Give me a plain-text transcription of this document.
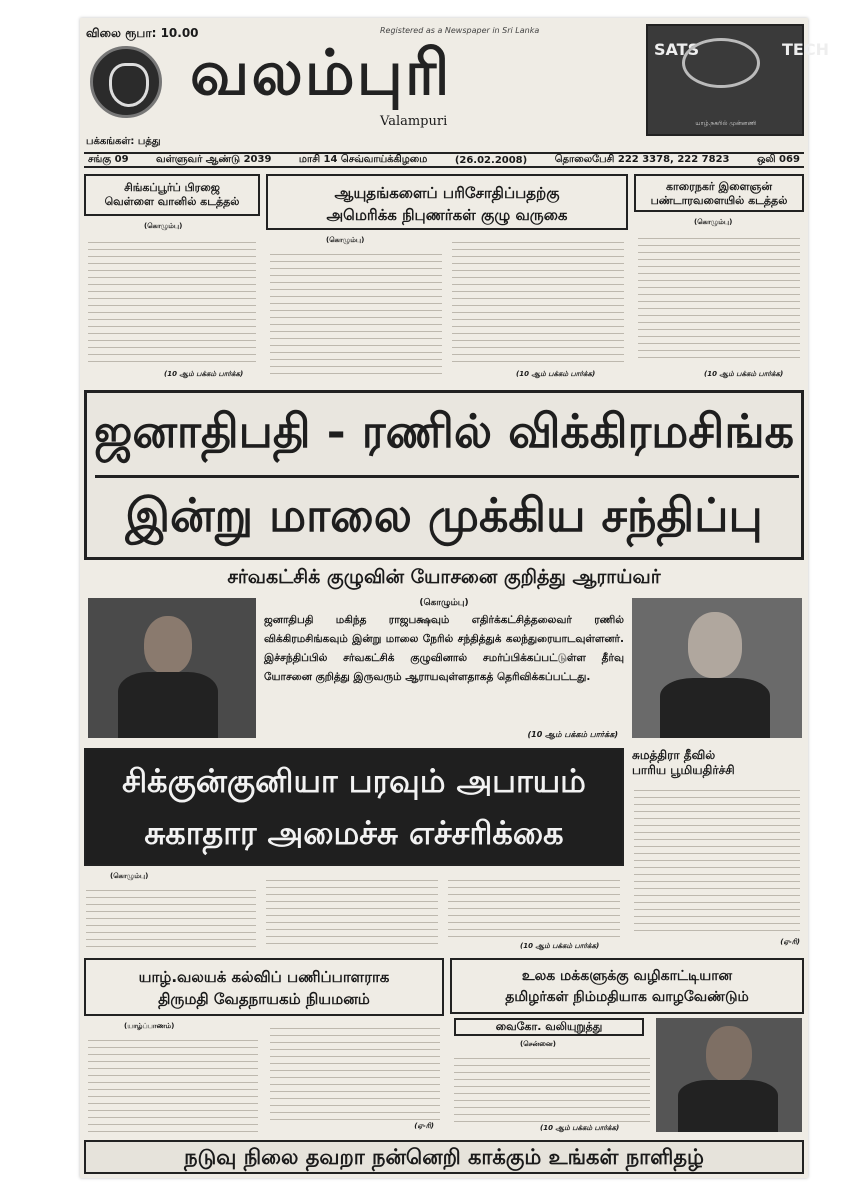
விலை ரூபா: 10.00	Registered as a Newspaper in Sri Lanka
வலம்புரி
Valampuri
பக்கங்கள்: பத்து
SATS	TECH
யாழ்.நகரில் முன்னணி
சங்கு 09	வள்ளுவர் ஆண்டு 2039	மாசி 14 செவ்வாய்க்கிழமை	(26.02.2008)	தொலைபேசி 222 3378, 222 7823	ஒலி 069
சிங்கப்பூர்ப் பிரஜை
வெள்ளை வானில் கடத்தல்
(கொழும்பு)
(10 ஆம் பக்கம் பார்க்க)
ஆயுதங்களைப் பரிசோதிப்பதற்கு
அமெரிக்க நிபுணர்கள் குழு வருகை
(கொழும்பு)
(10 ஆம் பக்கம் பார்க்க)
காரைநகர் இளைஞன்
பண்டாரவளையில் கடத்தல்
(கொழும்பு)
(10 ஆம் பக்கம் பார்க்க)
ஜனாதிபதி - ரணில் விக்கிரமசிங்க
இன்று மாலை முக்கிய சந்திப்பு
சர்வகட்சிக் குழுவின் யோசனை குறித்து ஆராய்வர்
(கொழும்பு)
ஜனாதிபதி மகிந்த ராஜபக்ஷவும் எதிர்க்கட்சித்தலைவர் ரணில் விக்கிரமசிங்கவும் இன்று மாலை நேரில் சந்தித்துக் கலந்துரையாடவுள்ளனர். இச்சந்திப்பில் சர்வகட்சிக் குழுவினால் சமர்ப்பிக்கப்பட்டுள்ள தீர்வு யோசனை குறித்து இருவரும் ஆராயவுள்ளதாகத் தெரிவிக்கப்பட்டது.
(10 ஆம் பக்கம் பார்க்க)
சிக்குன்குனியா பரவும் அபாயம்
சுகாதார அமைச்சு எச்சரிக்கை
(கொழும்பு)
(10 ஆம் பக்கம் பார்க்க)
சுமத்திரா தீவில்
பாரிய பூமியதிர்ச்சி
(ஏ-ரி)
யாழ்.வலயக் கல்விப் பணிப்பாளராக
திருமதி வேதநாயகம் நியமனம்
(யாழ்ப்பாணம்)
(ஏ-ரி)
உலக மக்களுக்கு வழிகாட்டியான
தமிழர்கள் நிம்மதியாக வாழவேண்டும்
வைகோ. வலியுறுத்து
(சென்னை)
(10 ஆம் பக்கம் பார்க்க)
நடுவு நிலை தவறா நன்னெறி காக்கும் உங்கள் நாளிதழ்
